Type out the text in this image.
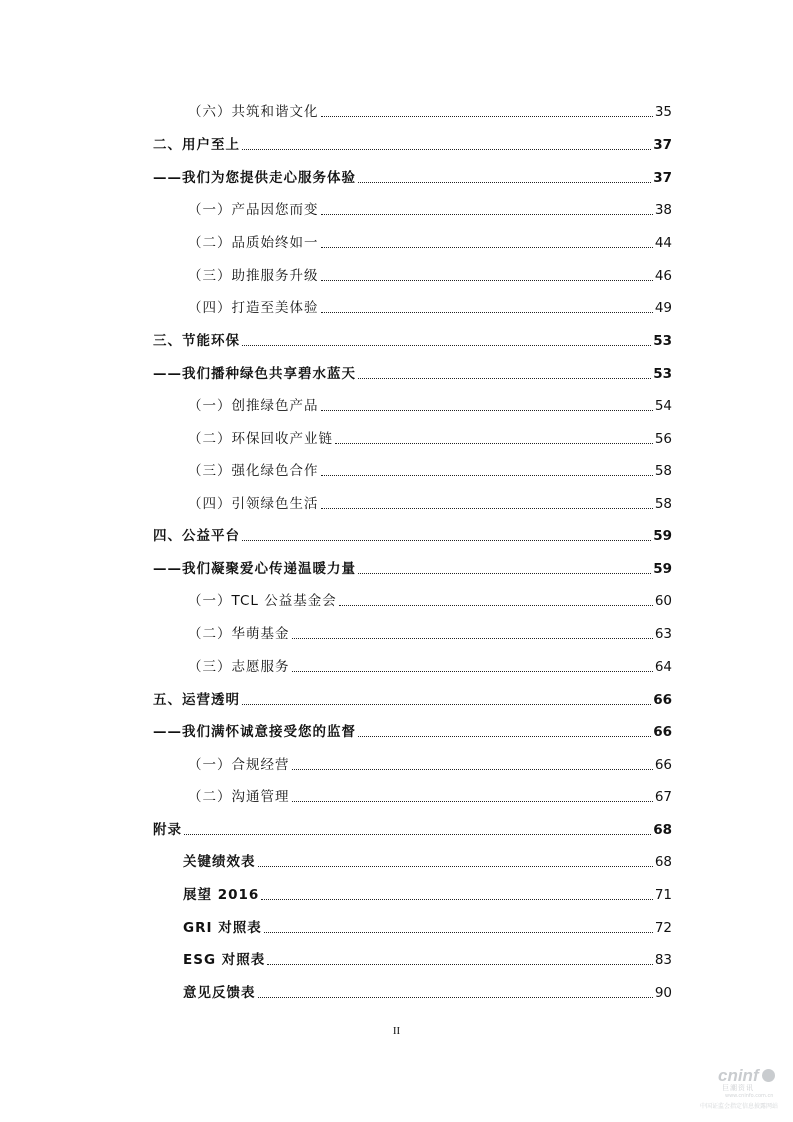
（六）共筑和谐文化	35
二、用户至上	37
——我们为您提供走心服务体验	37
（一）产品因您而变	38
（二）品质始终如一	44
（三）助推服务升级	46
（四）打造至美体验	49
三、节能环保	53
——我们播种绿色共享碧水蓝天	53
（一）创推绿色产品	54
（二）环保回收产业链	56
（三）强化绿色合作	58
（四）引领绿色生活	58
四、公益平台	59
——我们凝聚爱心传递温暖力量	59
（一）TCL 公益基金会	60
（二）华萌基金	63
（三）志愿服务	64
五、运营透明	66
——我们满怀诚意接受您的监督	66
（一）合规经营	66
（二）沟通管理	67
附录	68
关键绩效表	68
展望 2016	71
GRI 对照表	72
ESG 对照表	83
意见反馈表	90
II
cninf
巨潮资讯
www.cninfo.com.cn
中国证监会指定信息披露网站
